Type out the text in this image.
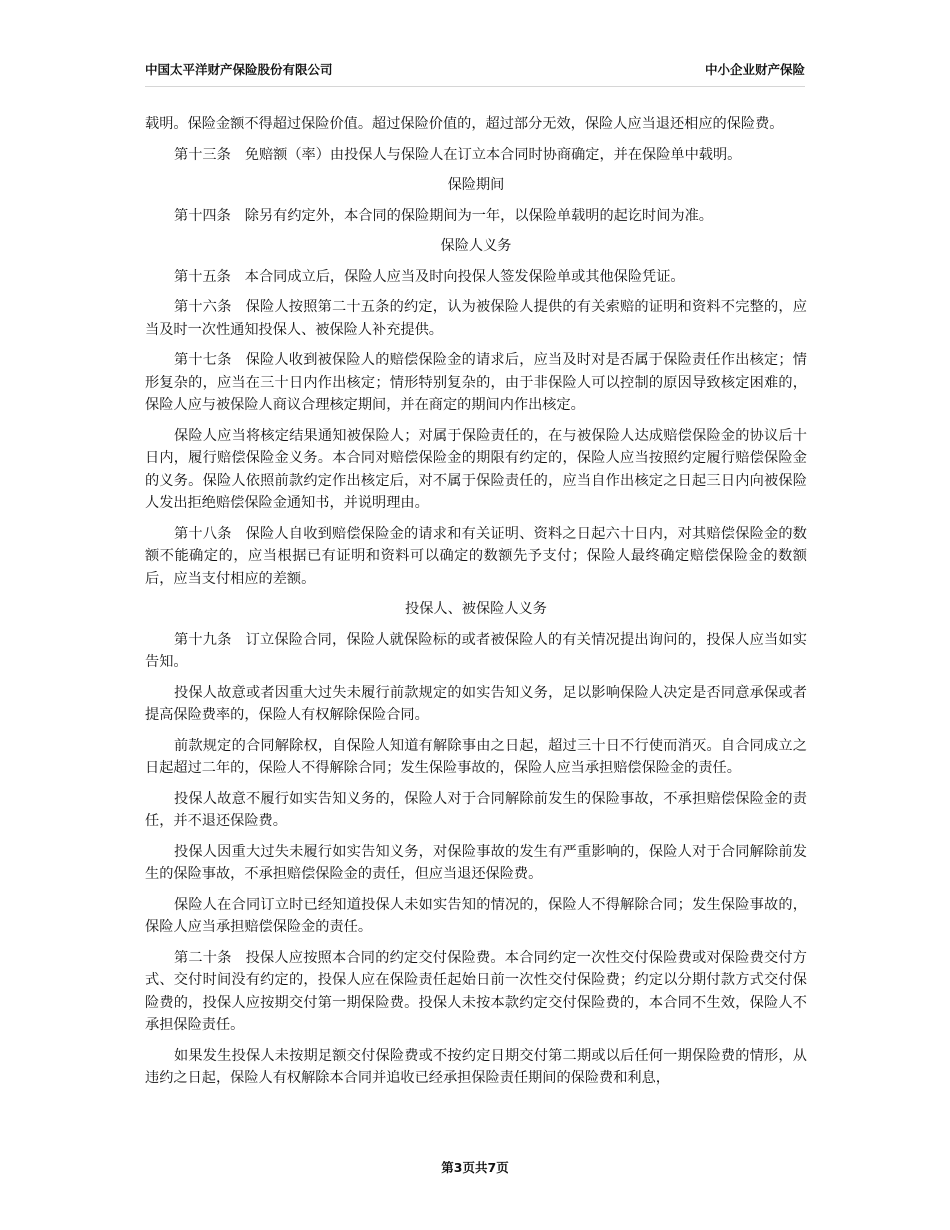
中国太平洋财产保险股份有限公司	中小企业财产保险

载明。保险金额不得超过保险价值。超过保险价值的，超过部分无效，保险人应当退还相应的保险费。

第十三条 免赔额（率）由投保人与保险人在订立本合同时协商确定，并在保险单中载明。

保险期间

第十四条 除另有约定外，本合同的保险期间为一年，以保险单载明的起讫时间为准。

保险人义务

第十五条 本合同成立后，保险人应当及时向投保人签发保险单或其他保险凭证。

第十六条 保险人按照第二十五条的约定，认为被保险人提供的有关索赔的证明和资料不完整的，应当及时一次性通知投保人、被保险人补充提供。

第十七条 保险人收到被保险人的赔偿保险金的请求后，应当及时对是否属于保险责任作出核定；情形复杂的，应当在三十日内作出核定；情形特别复杂的，由于非保险人可以控制的原因导致核定困难的，保险人应与被保险人商议合理核定期间，并在商定的期间内作出核定。

保险人应当将核定结果通知被保险人；对属于保险责任的，在与被保险人达成赔偿保险金的协议后十日内，履行赔偿保险金义务。本合同对赔偿保险金的期限有约定的，保险人应当按照约定履行赔偿保险金的义务。保险人依照前款约定作出核定后，对不属于保险责任的，应当自作出核定之日起三日内向被保险人发出拒绝赔偿保险金通知书，并说明理由。

第十八条 保险人自收到赔偿保险金的请求和有关证明、资料之日起六十日内，对其赔偿保险金的数额不能确定的，应当根据已有证明和资料可以确定的数额先予支付；保险人最终确定赔偿保险金的数额后，应当支付相应的差额。

投保人、被保险人义务

第十九条 订立保险合同，保险人就保险标的或者被保险人的有关情况提出询问的，投保人应当如实告知。

投保人故意或者因重大过失未履行前款规定的如实告知义务，足以影响保险人决定是否同意承保或者提高保险费率的，保险人有权解除保险合同。

前款规定的合同解除权，自保险人知道有解除事由之日起，超过三十日不行使而消灭。自合同成立之日起超过二年的，保险人不得解除合同；发生保险事故的，保险人应当承担赔偿保险金的责任。

投保人故意不履行如实告知义务的，保险人对于合同解除前发生的保险事故，不承担赔偿保险金的责任，并不退还保险费。

投保人因重大过失未履行如实告知义务，对保险事故的发生有严重影响的，保险人对于合同解除前发生的保险事故，不承担赔偿保险金的责任，但应当退还保险费。

保险人在合同订立时已经知道投保人未如实告知的情况的，保险人不得解除合同；发生保险事故的，保险人应当承担赔偿保险金的责任。

第二十条 投保人应按照本合同的约定交付保险费。本合同约定一次性交付保险费或对保险费交付方式、交付时间没有约定的，投保人应在保险责任起始日前一次性交付保险费；约定以分期付款方式交付保险费的，投保人应按期交付第一期保险费。投保人未按本款约定交付保险费的，本合同不生效，保险人不承担保险责任。

如果发生投保人未按期足额交付保险费或不按约定日期交付第二期或以后任何一期保险费的情形，从违约之日起，保险人有权解除本合同并追收已经承担保险责任期间的保险费和利息，

第3页共7页
